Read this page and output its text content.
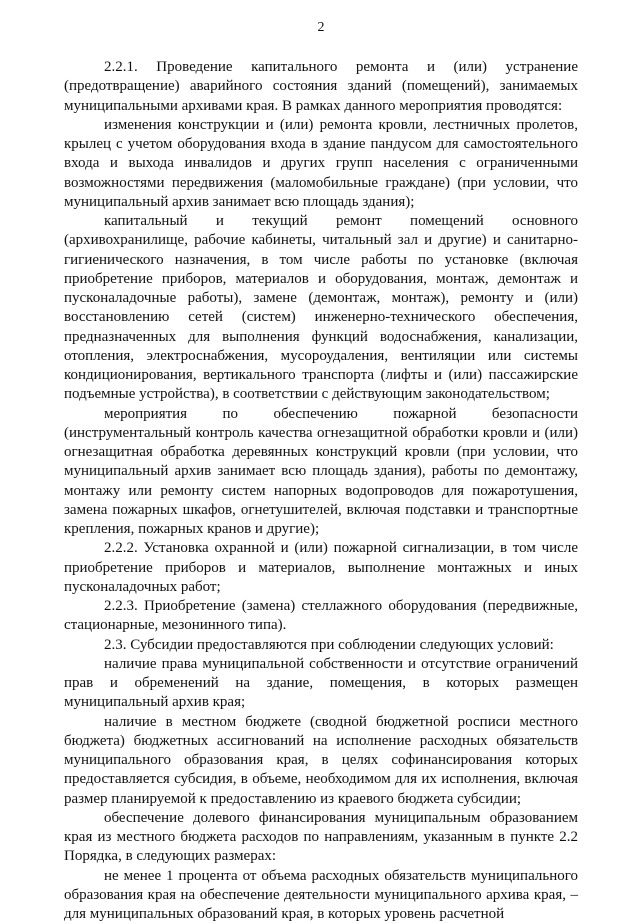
2

2.2.1. Проведение капитального ремонта и (или) устранение (предотвращение) аварийного состояния зданий (помещений), занимаемых муниципальными архивами края. В рамках данного мероприятия проводятся:

изменения конструкции и (или) ремонта кровли, лестничных пролетов, крылец с учетом оборудования входа в здание пандусом для самостоятельного входа и выхода инвалидов и других групп населения с ограниченными возможностями передвижения (маломобильные граждане) (при условии, что муниципальный архив занимает всю площадь здания);

капитальный и текущий ремонт помещений основного (архивохранилище, рабочие кабинеты, читальный зал и другие) и санитарно-гигиенического назначения, в том числе работы по установке (включая приобретение приборов, материалов и оборудования, монтаж, демонтаж и пусконаладочные работы), замене (демонтаж, монтаж), ремонту и (или) восстановлению сетей (систем) инженерно-технического обеспечения, предназначенных для выполнения функций водоснабжения, канализации, отопления, электроснабжения, мусороудаления, вентиляции или системы кондиционирования, вертикального транспорта (лифты и (или) пассажирские подъемные устройства), в соответствии с действующим законодательством;

мероприятия по обеспечению пожарной безопасности (инструментальный контроль качества огнезащитной обработки кровли и (или) огнезащитная обработка деревянных конструкций кровли (при условии, что муниципальный архив занимает всю площадь здания), работы по демонтажу, монтажу или ремонту систем напорных водопроводов для пожаротушения, замена пожарных шкафов, огнетушителей, включая подставки и транспортные крепления, пожарных кранов и другие);

2.2.2. Установка охранной и (или) пожарной сигнализации, в том числе приобретение приборов и материалов, выполнение монтажных и иных пусконаладочных работ;

2.2.3. Приобретение (замена) стеллажного оборудования (передвижные, стационарные, мезонинного типа).

2.3. Субсидии предоставляются при соблюдении следующих условий:

наличие права муниципальной собственности и отсутствие ограничений прав и обременений на здание, помещения, в которых размещен муниципальный архив края;

наличие в местном бюджете (сводной бюджетной росписи местного бюджета) бюджетных ассигнований на исполнение расходных обязательств муниципального образования края, в целях софинансирования которых предоставляется субсидия, в объеме, необходимом для их исполнения, включая размер планируемой к предоставлению из краевого бюджета субсидии;

обеспечение долевого финансирования муниципальным образованием края из местного бюджета расходов по направлениям, указанным в пункте 2.2 Порядка, в следующих размерах:

не менее 1 процента от объема расходных обязательств муниципального образования края на обеспечение деятельности муниципального архива края, – для муниципальных образований края, в которых уровень расчетной
